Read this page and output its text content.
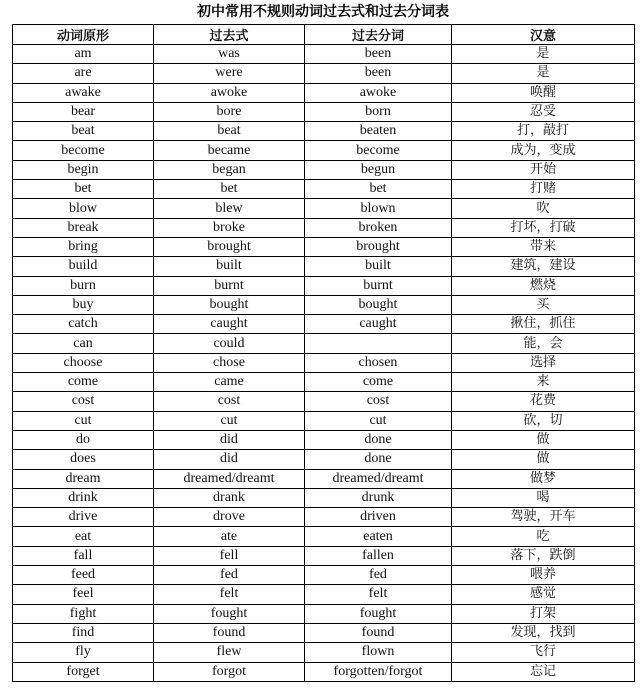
初中常用不规则动词过去式和过去分词表
动词原形	过去式	过去分词	汉意
am	was	been	是
are	were	been	是
awake	awoke	awoke	唤醒
bear	bore	born	忍受
beat	beat	beaten	打，敲打
become	became	become	成为，变成
begin	began	begun	开始
bet	bet	bet	打赌
blow	blew	blown	吹
break	broke	broken	打坏，打破
bring	brought	brought	带来
build	built	built	建筑，建设
burn	burnt	burnt	燃烧
buy	bought	bought	买
catch	caught	caught	揪住，抓住
can	could		能，会
choose	chose	chosen	选择
come	came	come	来
cost	cost	cost	花费
cut	cut	cut	砍，切
do	did	done	做
does	did	done	做
dream	dreamed/dreamt	dreamed/dreamt	做梦
drink	drank	drunk	喝
drive	drove	driven	驾驶，开车
eat	ate	eaten	吃
fall	fell	fallen	落下，跌倒
feed	fed	fed	喂养
feel	felt	felt	感觉
fight	fought	fought	打架
find	found	found	发现，找到
fly	flew	flown	飞行
forget	forgot	forgotten/forgot	忘记
